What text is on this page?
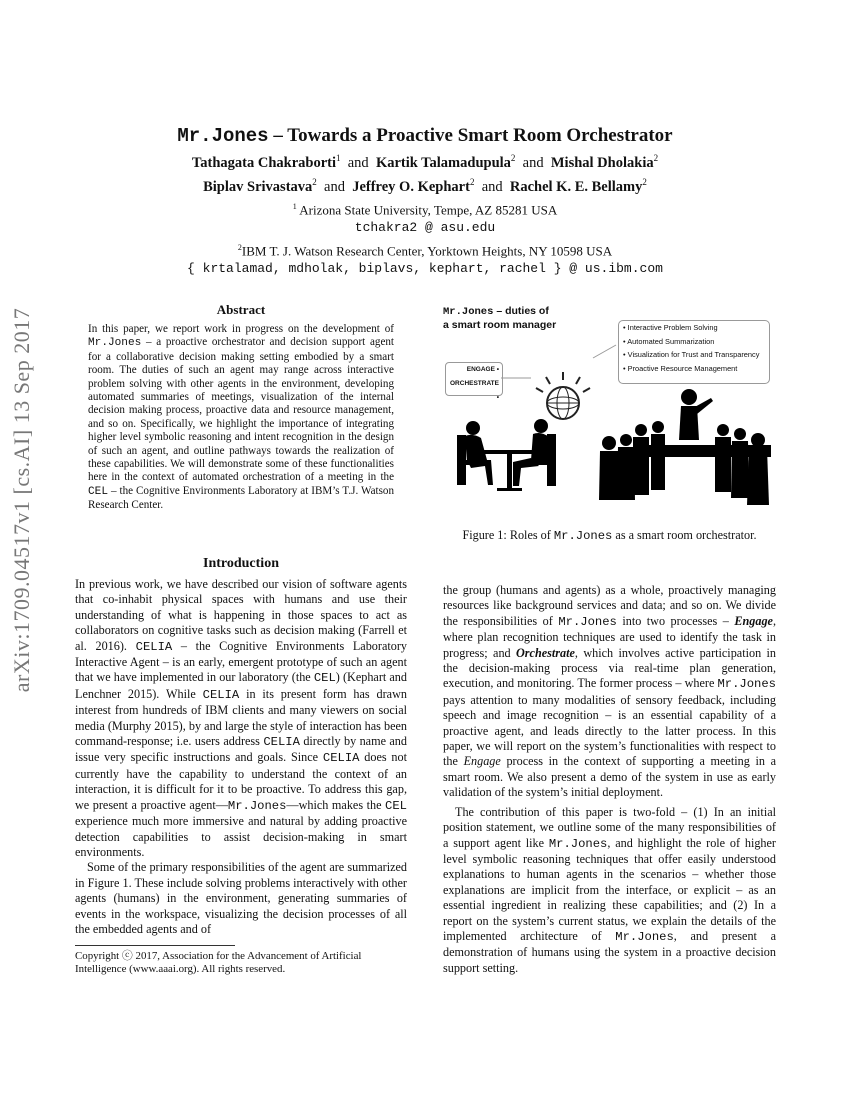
arXiv:1709.04517v1 [cs.AI] 13 Sep 2017
Mr.Jones – Towards a Proactive Smart Room Orchestrator
Tathagata Chakraborti$^1$ and Kartik Talamadupula$^2$ and Mishal Dholakia$^2$
Biplav Srivastava$^2$ and Jeffrey O. Kephart$^2$ and Rachel K. E. Bellamy$^2$
$^1$ Arizona State University, Tempe, AZ 85281 USA
tchakra2 @ asu.edu
$^2$IBM T. J. Watson Research Center, Yorktown Heights, NY 10598 USA
{ krtalamad, mdholak, biplavs, kephart, rachel } @ us.ibm.com
Abstract
In this paper, we report work in progress on the development of Mr.Jones – a proactive orchestrator and decision support agent for a collaborative decision making setting embodied by a smart room. The duties of such an agent may range across interactive problem solving with other agents in the environment, developing automated summaries of meetings, visualization of the internal decision making process, proactive data and resource management, and so on. Specifically, we highlight the importance of integrating higher level symbolic reasoning and intent recognition in the design of such an agent, and outline pathways towards the realization of these capabilities. We will demonstrate some of these functionalities here in the context of automated orchestration of a meeting in the CEL – the Cognitive Environments Laboratory at IBM’s T.J. Watson Research Center.
Introduction

In previous work, we have described our vision of software agents that co-inhabit physical spaces with humans and use their understanding of what is happening in those spaces to act as collaborators on cognitive tasks such as decision making (Farrell et al. 2016). CELIA – the Cognitive Environments Laboratory Interactive Agent – is an early, emergent prototype of such an agent that we have implemented in our laboratory (the CEL) (Kephart and Lenchner 2015). While CELIA in its present form has drawn interest from hundreds of IBM clients and many viewers on social media (Murphy 2015), by and large the style of interaction has been command-response; i.e. users address CELIA directly by name and issue very specific instructions and goals. Since CELIA does not currently have the capability to understand the context of an interaction, it is difficult for it to be proactive. To address this gap, we present a proactive agent—Mr.Jones—which makes the CEL experience much more immersive and natural by adding proactive detection capabilities to assist decision-making in smart environments.

Some of the primary responsibilities of the agent are summarized in Figure 1. These include solving problems interactively with other agents (humans) in the environment, generating summaries of events in the workspace, visualizing the decision processes of all the embedded agents and of

Copyright ⓒ 2017, Association for the Advancement of Artificial Intelligence (www.aaai.org). All rights reserved.
Mr.Jones – duties of
a smart room manager
•	Interactive Problem Solving
• Automated Summarization
• Visualization for Trust and Transparency
• Proactive Resource Management
ENGAGE •
ORCHESTRATE •
Figure 1: Roles of Mr.Jones as a smart room orchestrator.

the group (humans and agents) as a whole, proactively managing resources like background services and data; and so on. We divide the responsibilities of Mr.Jones into two processes – Engage, where plan recognition techniques are used to identify the task in progress; and Orchestrate, which involves active participation in the decision-making process via real-time plan generation, execution, and monitoring. The former process – where Mr.Jones pays attention to many modalities of sensory feedback, including speech and image recognition – is an essential capability of a proactive agent, and leads directly to the latter process. In this paper, we will report on the system’s functionalities with respect to the Engage process in the context of supporting a meeting in a smart room. We also present a demo of the system in use as early validation of the system’s initial deployment.

The contribution of this paper is two-fold – (1) In an initial position statement, we outline some of the many responsibilities of a support agent like Mr.Jones, and highlight the role of higher level symbolic reasoning techniques that offer easily understood explanations to human agents in the scenarios – whether those explanations are implicit from the interface, or explicit – as an essential ingredient in realizing these capabilities; and (2) In a report on the system’s current status, we explain the details of the implemented architecture of Mr.Jones, and present a demonstration of humans using the system in a proactive decision support setting.
